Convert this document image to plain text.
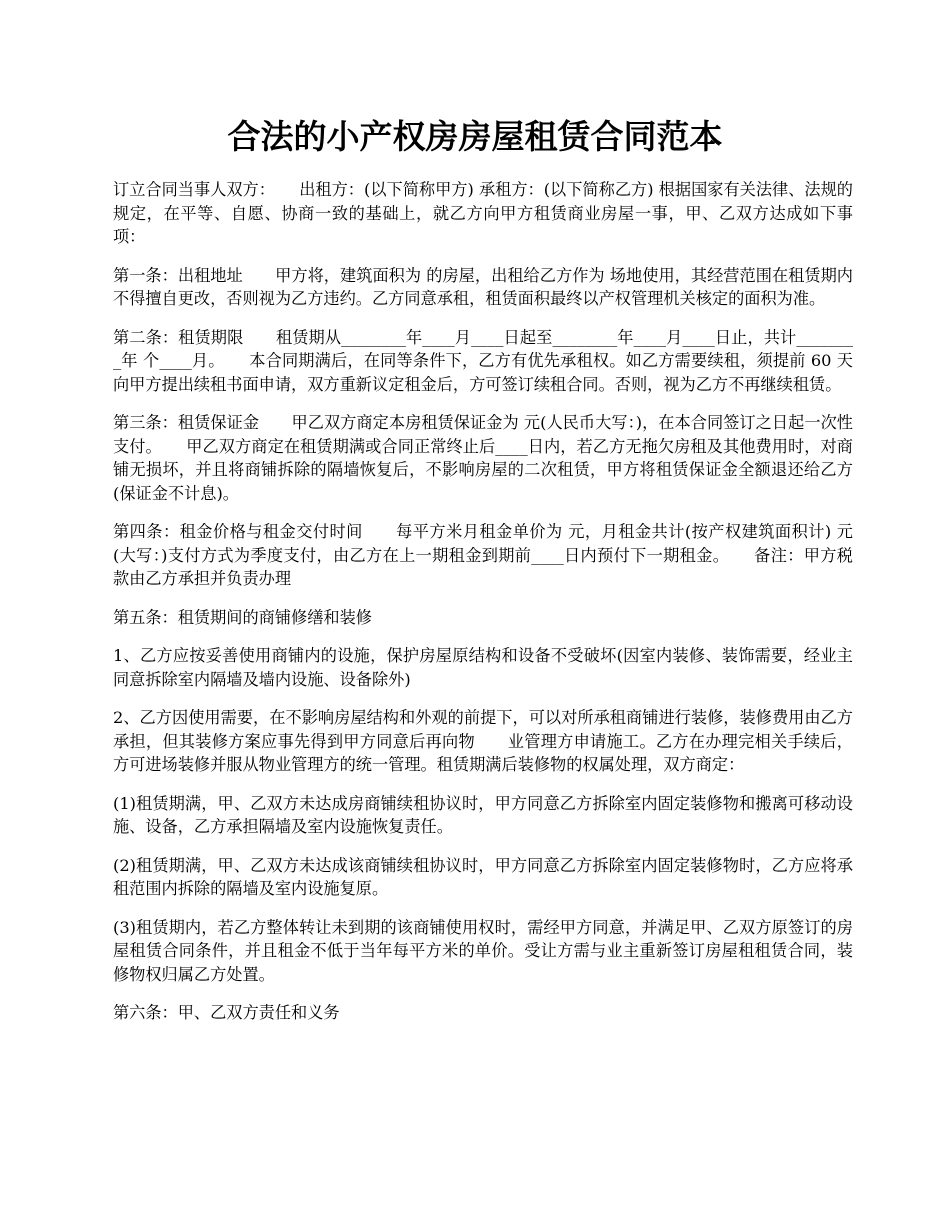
合法的小产权房房屋租赁合同范本

订立合同当事人双方：　　出租方：(以下简称甲方) 承租方：(以下简称乙方) 根据国家有关法律、法规的规定，在平等、自愿、协商一致的基础上，就乙方向甲方租赁商业房屋一事，甲、乙双方达成如下事项：

第一条：出租地址　　甲方将，建筑面积为 的房屋，出租给乙方作为 场地使用，其经营范围在租赁期内不得擅自更改，否则视为乙方违约。乙方同意承租，租赁面积最终以产权管理机关核定的面积为准。

第二条：租赁期限　　租赁期从________年____月____日起至________年____月____日止，共计________年 个____月。　　本合同期满后，在同等条件下，乙方有优先承租权。如乙方需要续租，须提前 60 天向甲方提出续租书面申请，双方重新议定租金后，方可签订续租合同。否则，视为乙方不再继续租赁。

第三条：租赁保证金　　甲乙双方商定本房租赁保证金为 元(人民币大写：)，在本合同签订之日起一次性支付。　　甲乙双方商定在租赁期满或合同正常终止后____日内，若乙方无拖欠房租及其他费用时，对商铺无损坏，并且将商铺拆除的隔墙恢复后，不影响房屋的二次租赁，甲方将租赁保证金全额退还给乙方(保证金不计息)。

第四条：租金价格与租金交付时间　　每平方米月租金单价为 元，月租金共计(按产权建筑面积计) 元(大写：)支付方式为季度支付，由乙方在上一期租金到期前____日内预付下一期租金。　　备注：甲方税款由乙方承担并负责办理

第五条：租赁期间的商铺修缮和装修

1、乙方应按妥善使用商铺内的设施，保护房屋原结构和设备不受破坏(因室内装修、装饰需要，经业主同意拆除室内隔墙及墙内设施、设备除外)

2、乙方因使用需要，在不影响房屋结构和外观的前提下，可以对所承租商铺进行装修，装修费用由乙方承担，但其装修方案应事先得到甲方同意后再向物　　业管理方申请施工。乙方在办理完相关手续后，方可进场装修并服从物业管理方的统一管理。租赁期满后装修物的权属处理，双方商定：

(1)租赁期满，甲、乙双方未达成房商铺续租协议时，甲方同意乙方拆除室内固定装修物和搬离可移动设施、设备，乙方承担隔墙及室内设施恢复责任。

(2)租赁期满，甲、乙双方未达成该商铺续租协议时，甲方同意乙方拆除室内固定装修物时，乙方应将承租范围内拆除的隔墙及室内设施复原。

(3)租赁期内，若乙方整体转让未到期的该商铺使用权时，需经甲方同意，并满足甲、乙双方原签订的房屋租赁合同条件，并且租金不低于当年每平方米的单价。受让方需与业主重新签订房屋租租赁合同，装修物权归属乙方处置。

第六条：甲、乙双方责任和义务
